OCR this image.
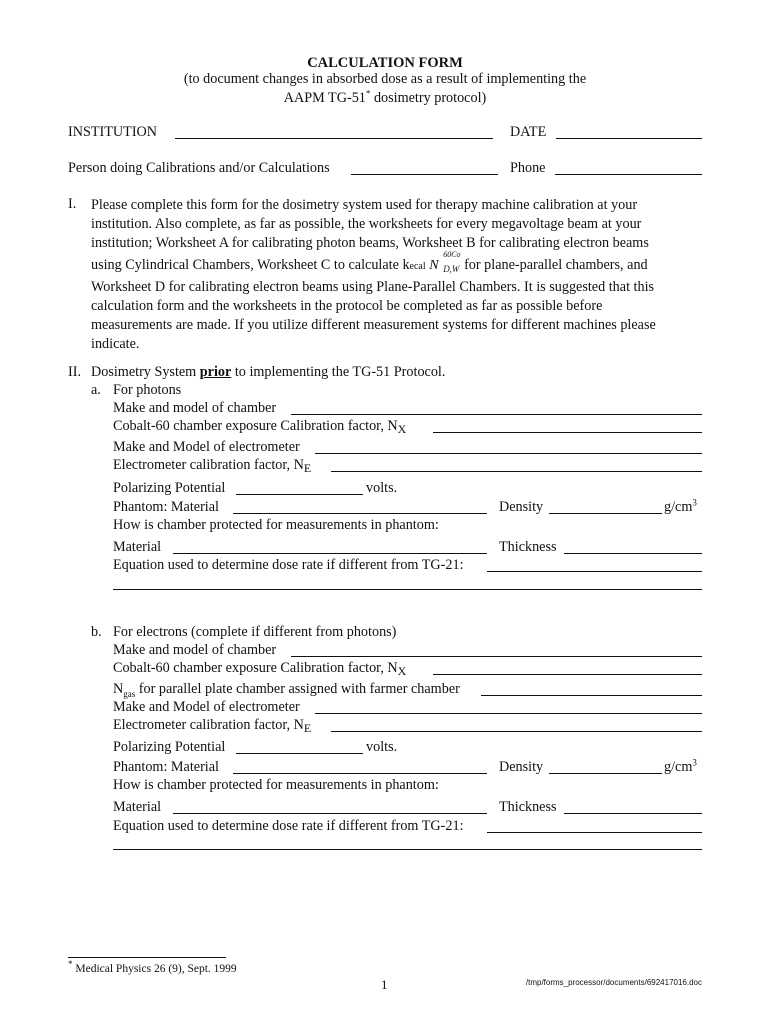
CALCULATION FORM
(to document changes in absorbed dose as a result of implementing the
AAPM TG-51* dosimetry protocol)
INSTITUTION	DATE
Person doing Calibrations and/or Calculations	Phone
I. Please complete this form for the dosimetry system used for therapy machine calibration at your
institution. Also complete, as far as possible, the worksheets for every megavoltage beam at your
institution; Worksheet A for calibrating photon beams, Worksheet B for calibrating electron beams
using Cylindrical Chambers, Worksheet C to calculate kecal N
60Co
D,W for plane-parallel chambers, and
Worksheet D for calibrating electron beams using Plane-Parallel Chambers. It is suggested that this
calculation form and the worksheets in the protocol be completed as far as possible before
measurements are made. If you utilize different measurement systems for different machines please
indicate.
II. Dosimetry System prior to implementing the TG-51 Protocol.
a. For photons
Make and model of chamber
Cobalt-60 chamber exposure Calibration factor, $N_X$
Make and Model of electrometer
Electrometer calibration factor, $N_E$
Polarizing Potential	volts.
Phantom: Material	Density	$g/cm^3$
How is chamber protected for measurements in phantom:
Material	Thickness
Equation used to determine dose rate if different from TG-21:
b. For electrons (complete if different from photons)
Make and model of chamber
Cobalt-60 chamber exposure Calibration factor, $N_X$
$N_{gas}$ for parallel plate chamber assigned with farmer chamber
Make and Model of electrometer
Electrometer calibration factor, $N_E$
Polarizing Potential	volts.
Phantom: Material	Density	$g/cm^3$
How is chamber protected for measurements in phantom:
Material	Thickness
Equation used to determine dose rate if different from TG-21:
* Medical Physics 26 (9), Sept. 1999
1	/tmp/forms_processor/documents/692417016.doc
